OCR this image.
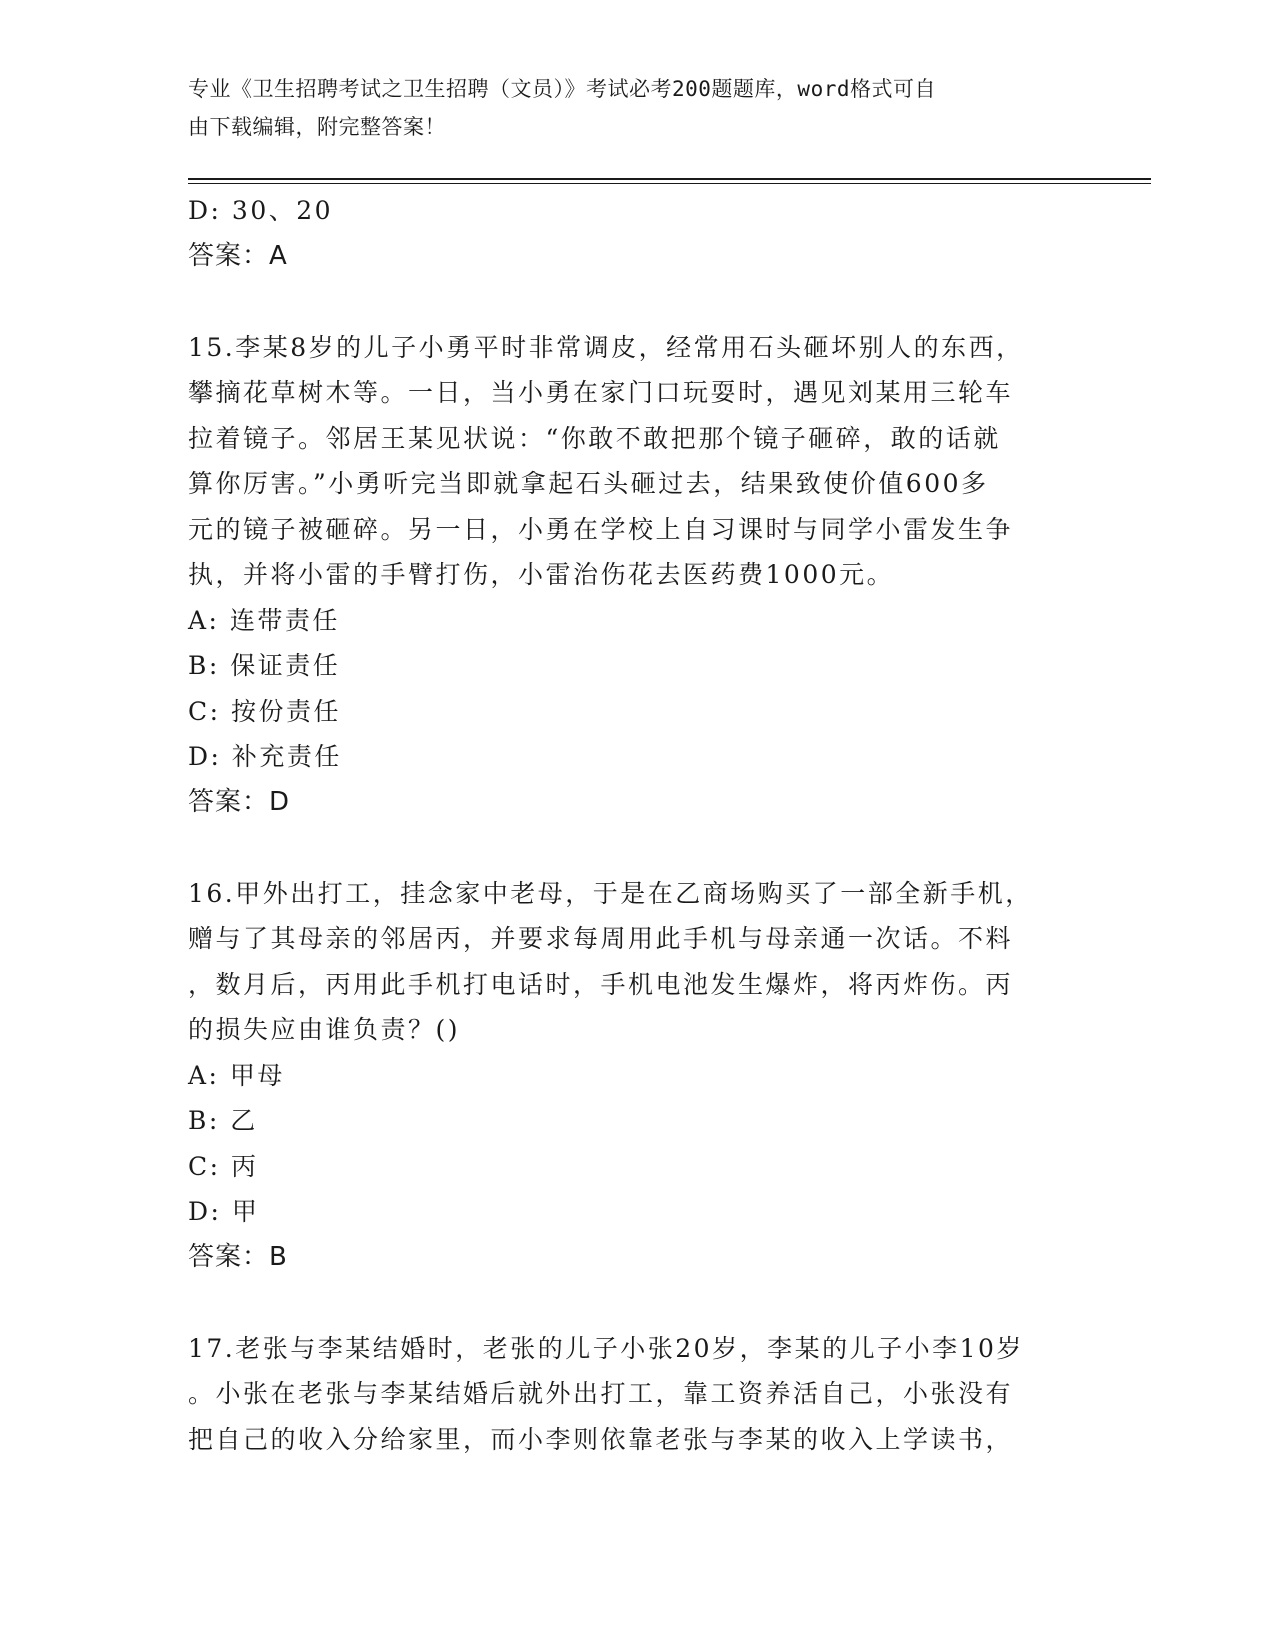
专业《卫生招聘考试之卫生招聘（文员）》考试必考200题题库，word格式可自
由下载编辑，附完整答案！
D: 30、20
答案：A
15.李某8岁的儿子小勇平时非常调皮，经常用石头砸坏别人的东西，
攀摘花草树木等。一日，当小勇在家门口玩耍时，遇见刘某用三轮车
拉着镜子。邻居王某见状说：“你敢不敢把那个镜子砸碎，敢的话就
算你厉害。”小勇听完当即就拿起石头砸过去，结果致使价值600多
元的镜子被砸碎。另一日，小勇在学校上自习课时与同学小雷发生争
执，并将小雷的手臂打伤，小雷治伤花去医药费1000元。
A: 连带责任
B: 保证责任
C: 按份责任
D: 补充责任
答案：D
16.甲外出打工，挂念家中老母，于是在乙商场购买了一部全新手机，
赠与了其母亲的邻居丙，并要求每周用此手机与母亲通一次话。不料
，数月后，丙用此手机打电话时，手机电池发生爆炸，将丙炸伤。丙
的损失应由谁负责？()
A: 甲母
B: 乙
C: 丙
D: 甲
答案：B
17.老张与李某结婚时，老张的儿子小张20岁，李某的儿子小李10岁
。小张在老张与李某结婚后就外出打工，靠工资养活自己，小张没有
把自己的收入分给家里，而小李则依靠老张与李某的收入上学读书，
